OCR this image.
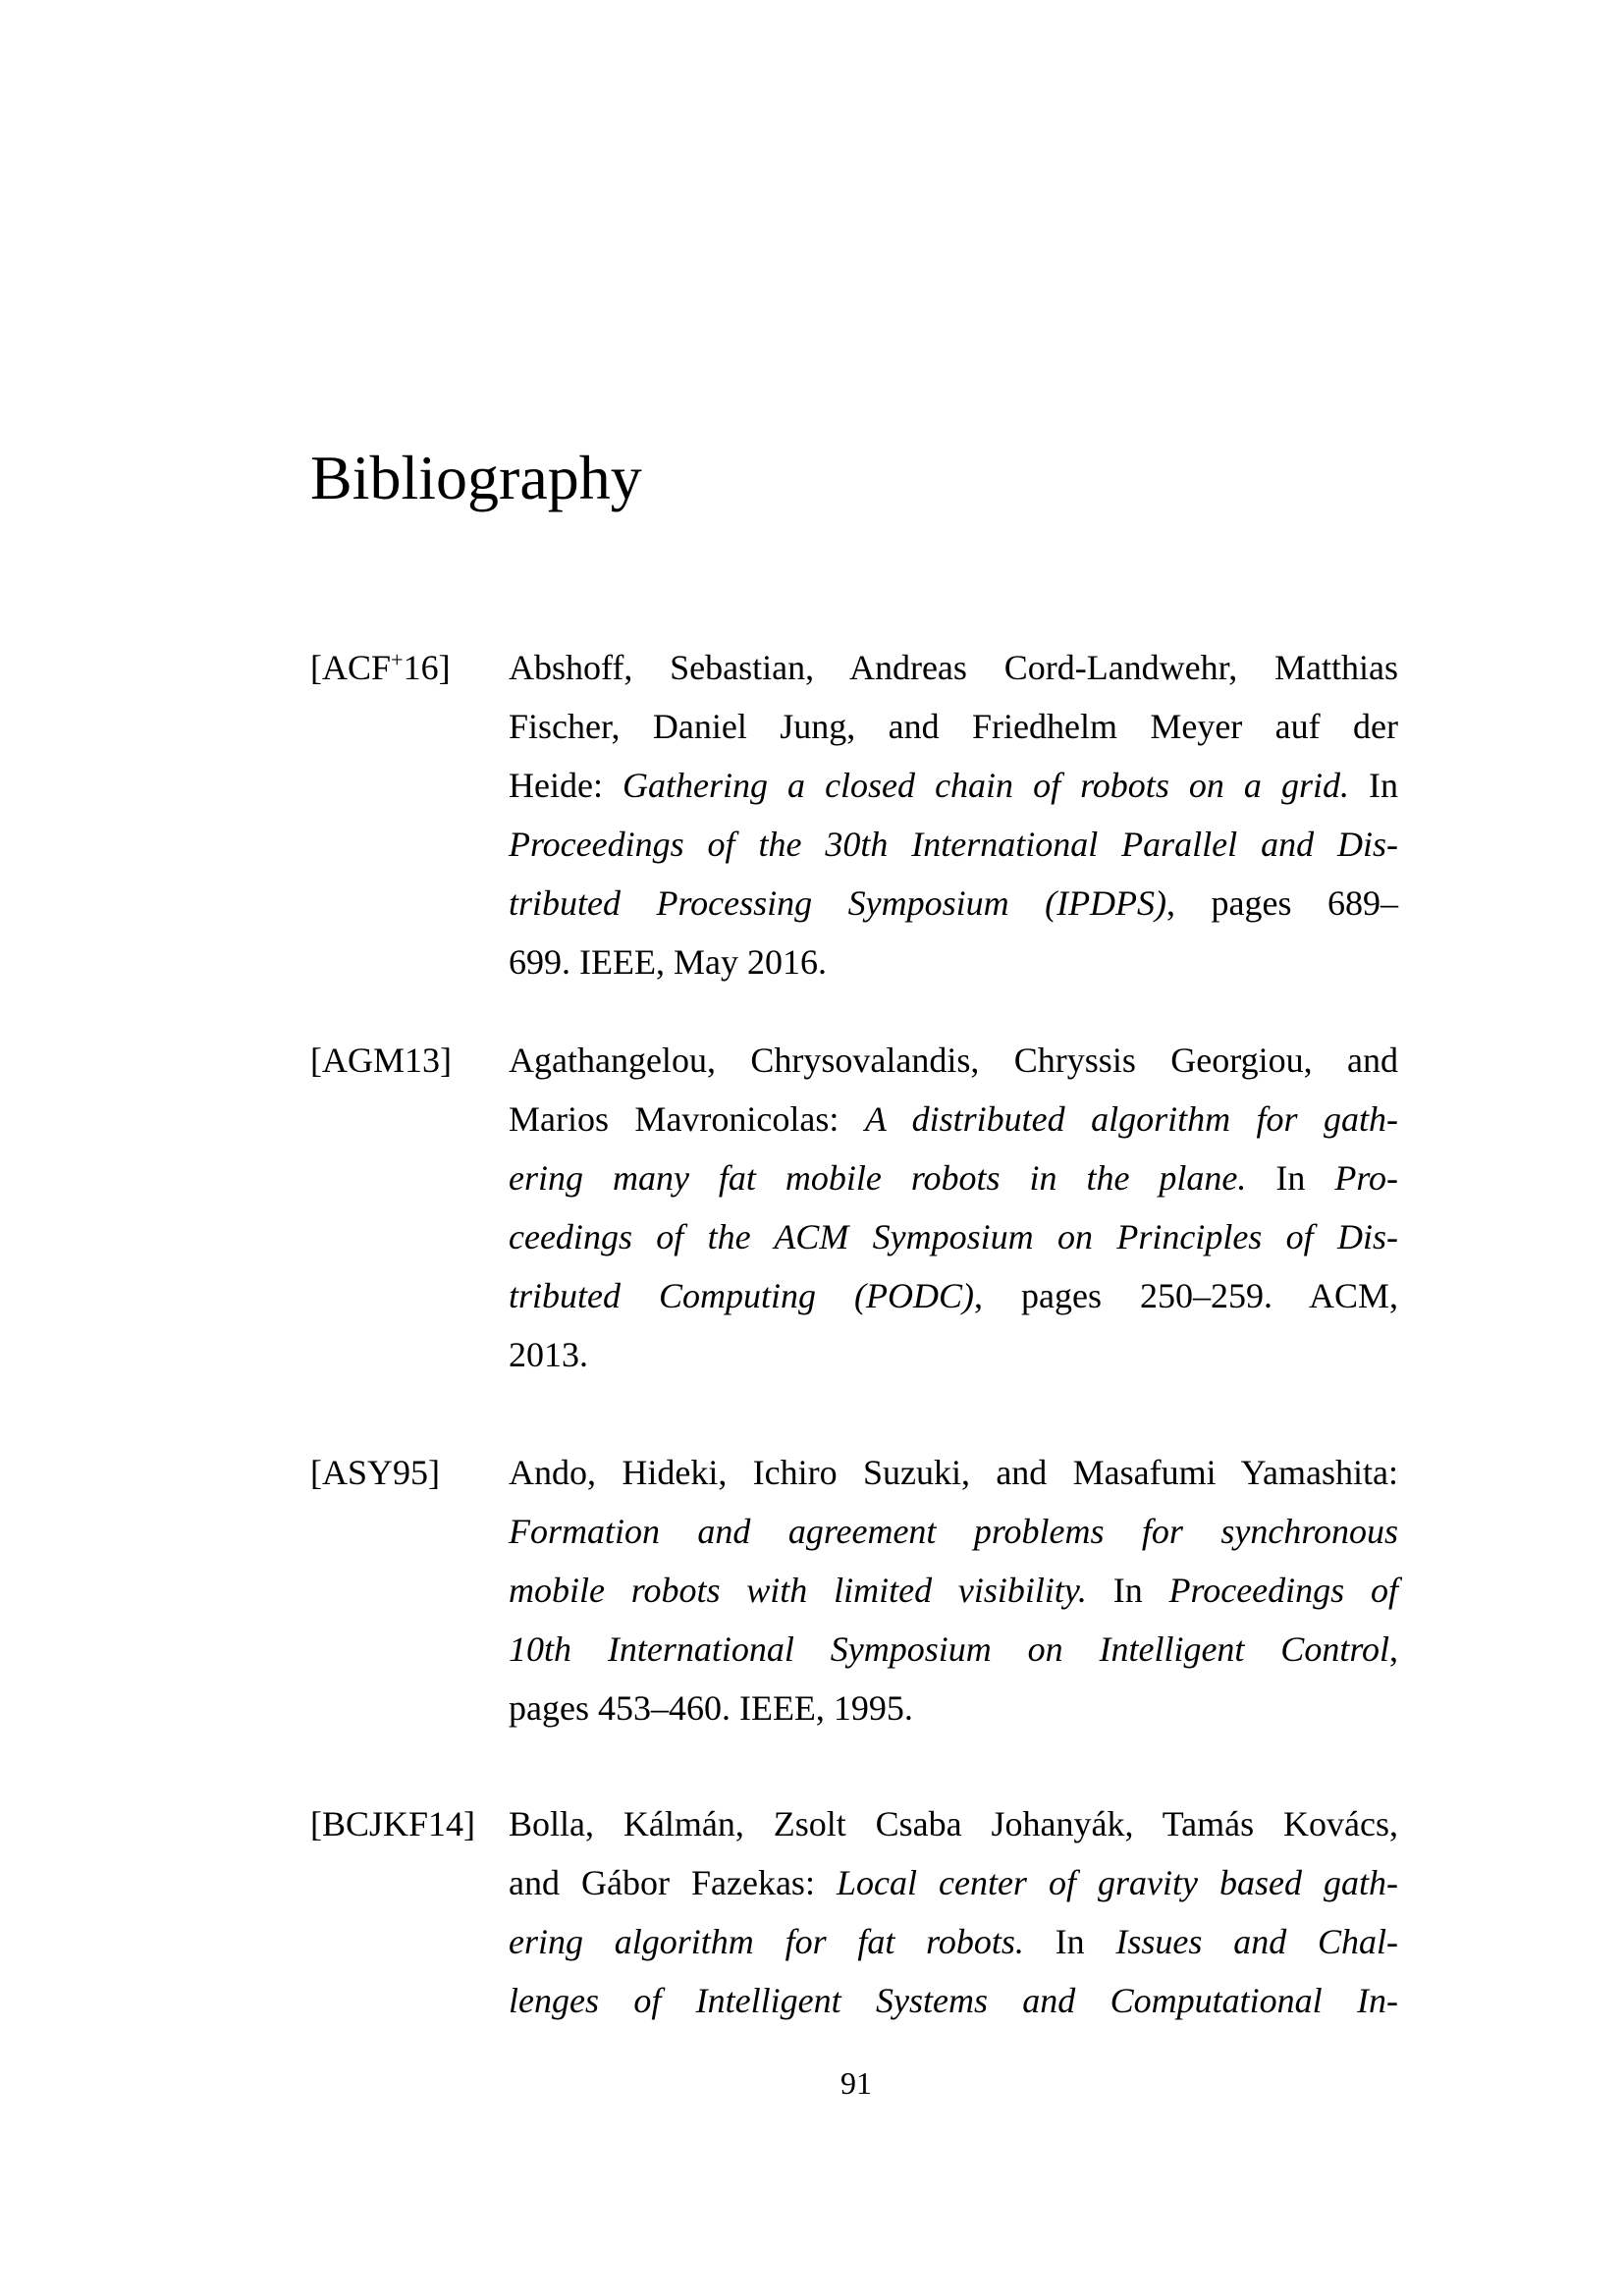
Bibliography
[ACF+16] Abshoff, Sebastian, Andreas Cord-Landwehr, Matthias
Fischer, Daniel Jung, and Friedhelm Meyer auf der
Heide: Gathering a closed chain of robots on a grid. In
Proceedings of the 30th International Parallel and Dis-
tributed Processing Symposium (IPDPS), pages 689–
699. IEEE, May 2016.
[AGM13] Agathangelou, Chrysovalandis, Chryssis Georgiou, and
Marios Mavronicolas: A distributed algorithm for gath-
ering many fat mobile robots in the plane. In Pro-
ceedings of the ACM Symposium on Principles of Dis-
tributed Computing (PODC), pages 250–259. ACM,
2013.
[ASY95] Ando, Hideki, Ichiro Suzuki, and Masafumi Yamashita:
Formation and agreement problems for synchronous
mobile robots with limited visibility. In Proceedings of
10th International Symposium on Intelligent Control,
pages 453–460. IEEE, 1995.
[BCJKF14] Bolla, Kálmán, Zsolt Csaba Johanyák, Tamás Kovács,
and Gábor Fazekas: Local center of gravity based gath-
ering algorithm for fat robots. In Issues and Chal-
lenges of Intelligent Systems and Computational In-
91
